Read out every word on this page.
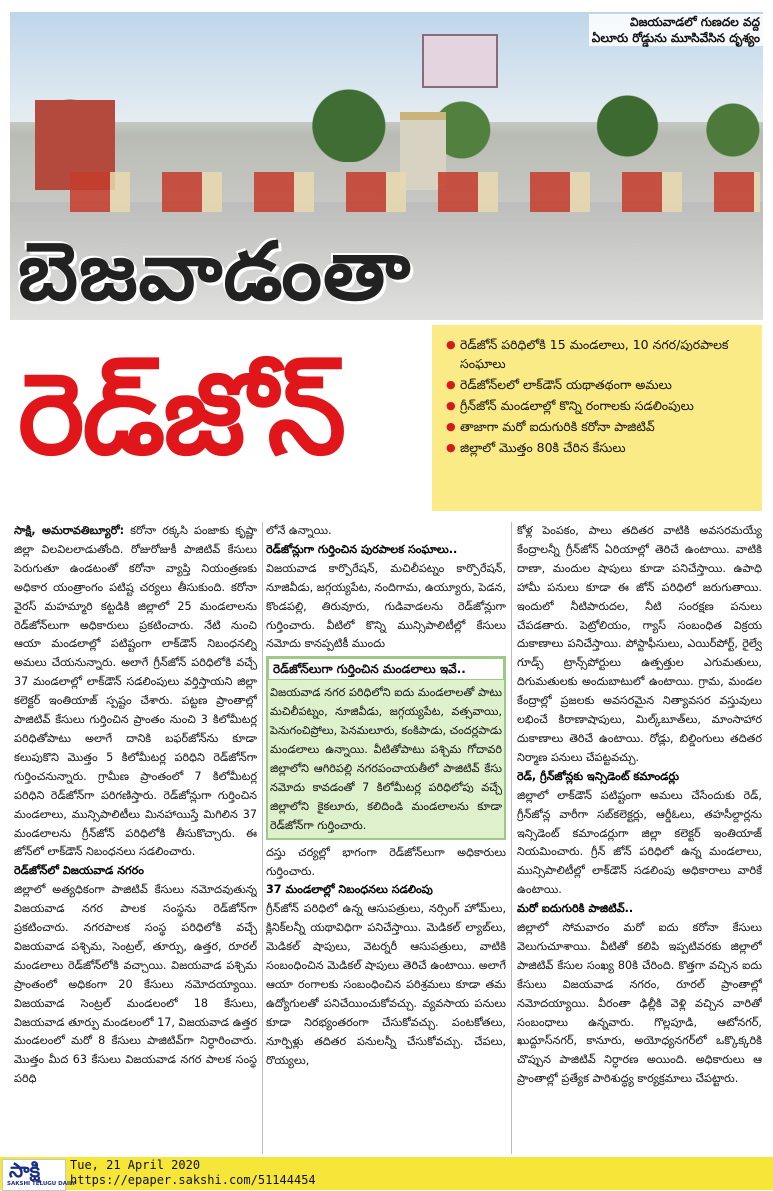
విజయవాడలో గుణదల వద్ద
ఏలూరు రోడ్డును మూసివేసిన దృశ్యం
బెజవాడంతా
రెడ్‌జోన్
● రెడ్‌జోన్ పరిధిలోకి 15 మండలాలు, 10 నగర/పురపాలక సంఘాలు
● రెడ్‌జోన్‌లలో లాక్‌డౌన్ యథాతథంగా అమలు
● గ్రీన్‌జోన్ మండలాల్లో కొన్ని రంగాలకు సడలింపులు
● తాజాగా మరో ఐదుగురికి కరోనా పాజిటివ్
● జిల్లాలో మొత్తం 80కి చేరిన కేసులు

సాక్షి, అమరావతిబ్యూరో: కరోనా రక్కసి పంజాకు కృష్ణా జిల్లా విలవిలలాడుతోంది. రోజురోజుకీ పాజిటివ్ కేసులు పెరుగుతూ ఉండటంతో కరోనా వ్యాప్తి నియంత్రణకు అధికార యంత్రాంగం పటిష్ట చర్యలు తీసుకుంది. కరోనా వైరస్ మహమ్మారి కట్టడికి జిల్లాలో 25 మండలాలను రెడ్‌జోన్‌లుగా అధికారులు ప్రకటించారు. నేటి నుంచి ఆయా మండలాల్లో పటిష్టంగా లాక్‌డౌన్ నిబంధనల్ని అమలు చేయనున్నారు. అలాగే గ్రీన్‌జోన్ పరిధిలోకి వచ్చే 37 మండలాల్లో లాక్‌డౌన్ సడలింపులు వర్తిస్తాయని జిల్లా కలెక్టర్ ఇంతియాజ్ స్పష్టం చేశారు. పట్టణ ప్రాంతాల్లో పాజిటివ్ కేసులు గుర్తించిన ప్రాంతం నుంచి 3 కిలోమీటర్ల పరిధితోపాటు అలాగే దానికి బఫర్‌జోన్‌ను కూడా కలుపుకొని మొత్తం 5 కిలోమీటర్ల పరిధిని రెడ్‌జోన్‌గా గుర్తించనున్నారు. గ్రామీణ ప్రాంతంలో 7 కిలోమీటర్ల పరిధిని రెడ్‌జోన్‌గా పరిగణిస్తారు. రెడ్‌జోన్లుగా గుర్తించిన మండలాలు, మున్సిపాలిటీలు మినహాయిస్తే మిగిలిన 37 మండలాలను గ్రీన్‌జోన్ పరిధిలోకి తీసుకొచ్చారు. ఈ జోన్‌లో లాక్‌డౌన్ నిబంధనలు సడలించారు.

రెడ్‌జోన్‌లో విజయవాడ నగరం

జిల్లాలో అత్యధికంగా పాజిటివ్ కేసులు నమోదవుతున్న విజయవాడ నగర పాలక సంస్థను రెడ్‌జోన్‌గా ప్రకటించారు. నగరపాలక సంస్థ పరిధిలోకి వచ్చే విజయవాడ పశ్చిమ, సెంట్రల్, తూర్పు, ఉత్తర, రూరల్ మండలాలు రెడ్‌జోన్‌లోకి వచ్చాయి. విజయవాడ పశ్చిమ ప్రాంతంలో అధికంగా 20 కేసులు నమోదయ్యాయి. విజయవాడ సెంట్రల్ మండలంలో 18 కేసులు, విజయవాడ తూర్పు మండలంలో 17, విజయవాడ ఉత్తర మండలంలో మరో 8 కేసులు పాజిటివ్‌గా నిర్ధారించారు. మొత్తం మీద 63 కేసులు విజయవాడ నగర పాలక సంస్థ పరిధి

లోనే ఉన్నాయి.

రెడ్‌జోన్లుగా గుర్తించిన పురపాలక సంఘాలు..

విజయవాడ కార్పొరేషన్, మచిలీపట్నం కార్పొరేషన్, నూజివీడు, జగ్గయ్యపేట, నందిగామ, ఉయ్యూరు, పెడన, కొండపల్లి, తిరువూరు, గుడివాడలను రెడ్‌జోన్లుగా గుర్తించారు. వీటిలో కొన్ని మున్సిపాలిటీల్లో కేసులు నమోదు కానప్పటికీ ముందు

రెడ్‌జోన్‌లుగా గుర్తించిన మండలాలు ఇవే..

విజయవాడ నగర పరిధిలోని ఐదు మండలాలతో పాటు మచిలీపట్నం, నూజివీడు, జగ్గయ్యపేట, వత్సవాయి, పెనుగంచిప్రోలు, పెనమలూరు, కంకిపాడు, చందర్లపాడు మండలాలు ఉన్నాయి. వీటితోపాటు పశ్చిమ గోదావరి జిల్లాలోని ఆగిరిపల్లి నగరపంచాయతీలో పాజిటివ్ కేసు నమోదు కావడంతో 7 కిలోమీటర్ల పరిధిలోపు వచ్చే జిల్లాలోని కైకలూరు, కలిదిండి మండలాలను కూడా రెడ్‌జోన్‌గా గుర్తించారు.

దస్తు చర్యల్లో భాగంగా రెడ్‌జోన్‌లుగా అధికారులు గుర్తించారు.

37 మండలాల్లో నిబంధనలు సడలింపు

గ్రీన్‌జోన్ పరిధిలో ఉన్న ఆసుపత్రులు, నర్సింగ్ హోమ్‌లు, క్లినిక్‌లన్నీ యథావిధిగా పనిచేస్తాయి. మెడికల్ ల్యాబ్‌లు, మెడికల్ షాపులు, వెటర్నరీ ఆసుపత్రులు, వాటికి సంబంధించిన మెడికల్ షాపులు తెరిచే ఉంటాయి. అలాగే ఆయా రంగాలకు సంబంధించిన పరిశ్రమలు కూడా తమ ఉద్యోగులతో పనిచేయించుకోవచ్చు. వ్యవసాయ పనులు కూడా నిరభ్యంతరంగా చేసుకోవచ్చు. పంటకోతలు, నూర్పిళ్లు తదితర పనులన్నీ చేసుకోవచ్చు. చేపలు, రొయ్యలు,

కోళ్ల పెంపకం, పాలు తదితర వాటికి అవసరమయ్యే కేంద్రాలన్నీ గ్రీన్‌జోన్ ఏరియాల్లో తెరిచే ఉంటాయి. వాటికి దాణా, మందుల షాపులు కూడా పనిచేస్తాయి. ఉపాధి హామీ పనులు కూడా ఈ జోన్ పరిధిలో జరుగుతాయి. ఇందులో నీటిపారుదల, నీటి సంరక్షణ పనులు చేపడతారు. పెట్రోలియం, గ్యాస్ సంబంధిత విక్రయ దుకాణాలు పనిచేస్తాయి. పోస్టాఫీసులు, ఎయిర్‌పోర్ట్, రైల్వే గూడ్స్ ట్రాన్స్‌పోర్టులు ఉత్పత్తుల ఎగుమతులు, దిగుమతులకు అందుబాటులో ఉంటాయి. గ్రామ, మండల కేంద్రాల్లో ప్రజలకు అవసరమైన నిత్యావసర వస్తువులు లభించే కిరాణాషాపులు, మిల్క్‌బూత్‌లు, మాంసాహార దుకాణాలు తెరిచే ఉంటాయి. రోడ్లు, బిల్డింగులు తదితర నిర్మాణ పనులు చేపట్టవచ్చు.

రెడ్, గ్రీన్‌జోన్లకు ఇన్సిడెంట్ కమాండర్లు

జిల్లాలో లాక్‌డౌన్ పటిష్టంగా అమలు చేసేందుకు రెడ్, గ్రీన్‌జోన్ల వారీగా సబ్‌కలెక్టర్లు, ఆర్డీఓలు, తహసీల్దార్లను ఇన్సిడెంట్ కమాండర్లుగా జిల్లా కలెక్టర్ ఇంతియాజ్ నియమించారు. గ్రీన్ జోన్ పరిధిలో ఉన్న మండలాలు, మున్సిపాలిటీల్లో లాక్‌డౌన్ సడలింపు అధికారాలు వారికే ఉంటాయి.

మరో ఐదుగురికి పాజిటివ్..

జిల్లాలో సోమవారం మరో ఐదు కరోనా కేసులు వెలుగుచూశాయి. వీటితో కలిపి ఇప్పటివరకు జిల్లాలో పాజిటివ్ కేసుల సంఖ్య 80కి చేరింది. కొత్తగా వచ్చిన ఐదు కేసులు విజయవాడ నగరం, రూరల్ ప్రాంతాల్లో నమోదయ్యాయి. వీరంతా ఢిల్లీకి వెళ్లి వచ్చిన వారితో సంబంధాలు ఉన్నవారు. గొల్లపూడి, ఆటోనగర్, ఖుద్దూస్‌నగర్, కానూరు, అయోధ్యనగర్‌లో ఒక్కొక్కరికి చొప్పున పాజిటివ్ నిర్ధారణ అయింది. అధికారులు ఆ ప్రాంతాల్లో ప్రత్యేక పారిశుద్ధ్య కార్యక్రమాలు చేపట్టారు.

సాక్షి
SAKSHI TELUGU DAILY
Tue, 21 April 2020
https://epaper.sakshi.com/51144454
